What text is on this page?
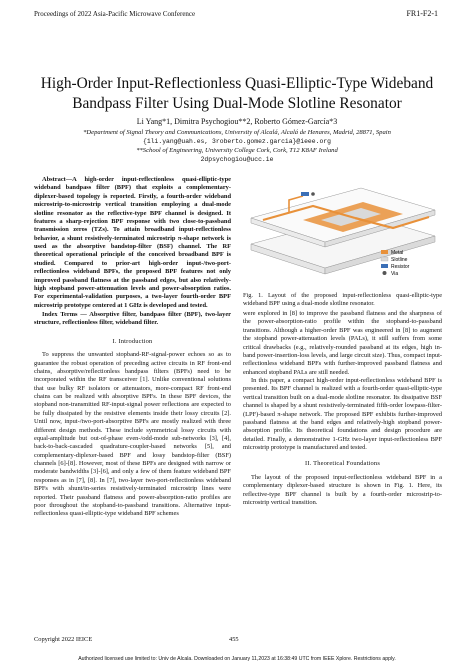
Proceedings of 2022 Asia-Pacific Microwave Conference	FR1-F2-1
High-Order Input-Reflectionless Quasi-Elliptic-Type Wideband
Bandpass Filter Using Dual-Mode Slotline Resonator
Li Yang*1, Dimitra Psychogiou**2, Roberto Gómez-García*3
*Department of Signal Theory and Communications, University of Alcalá, Alcalá de Henares, Madrid, 28871, Spain
{1li.yang@uah.es, 3roberto.gomez.garcia}@ieee.org
**School of Engineering, University College Cork, Cork, T12 K8AF Ireland
2dpsychogiou@ucc.ie

Abstract—A high-order input-reflectionless quasi-elliptic-type wideband bandpass filter (BPF) that exploits a complementary-diplexer-based topology is reported. Firstly, a fourth-order wideband microstrip-to-microstrip vertical transition employing a dual-mode slotline resonator as the reflective-type BPF channel is designed. It features a sharp-rejection BPF response with two close-to-passband transmission zeros (TZs). To attain broadband input-reflectionless behavior, a shunt resistively-terminated microstrip π-shape network is used as the absorptive bandstop-filter (BSF) channel. The RF theoretical operational principle of the conceived broadband BPF is studied. Compared to prior-art high-order input-/two-port-reflectionless wideband BPFs, the proposed BPF features not only improved passband flatness at the passband edges, but also relatively-high stopband power-attenuation levels and power-absorption ratios. For experimental-validation purposes, a two-layer fourth-order BPF microstrip prototype centered at 1 GHz is developed and tested.

Index Terms — Absorptive filter, bandpass filter (BPF), two-layer structure, reflectionless filter, wideband filter.

I. Introduction

To suppress the unwanted stopband-RF-signal-power echoes so as to guarantee the robust operation of preceding active circuits in RF front-end chains, absorptive/reflectionless bandpass filters (BPFs) need to be incorporated within the RF transceiver [1]. Unlike conventional solutions that use bulky RF isolators or attenuators, more-compact RF front-end chains can be realized with absorptive BPFs. In these BPF devices, the stopband non-transmitted RF-input-signal power reflections are expected to be fully dissipated by the resistive elements inside their lossy circuits [2]. Until now, input-/two-port-absorptive BPFs are mostly realized with three different design methods. These include symmetrical lossy circuits with equal-amplitude but out-of-phase even-/odd-mode sub-networks [3], [4], back-to-back-cascaded quadrature-coupler-based networks [5], and complementary-diplexer-based BPF and lossy bandstop-filter (BSF) channels [6]-[8]. However, most of these BPFs are designed with narrow or moderate bandwidths [3]-[6], and only a few of them feature wideband BPF responses as in [7], [8]. In [7], two-layer two-port-reflectionless wideband BPFs with shunt/in-series resistively-terminated microstrip lines were reported. Their passband flatness and power-absorption-ratio profiles are poor throughout the stopband-to-passband transitions. Alternative input-reflectionless quasi-elliptic-type wideband BPF schemes

Metal
Slotline
Resistor
Via
Fig. 1. Layout of the proposed input-reflectionless quasi-elliptic-type wideband BPF using a dual-mode slotline resonator.

were explored in [8] to improve the passband flatness and the sharpness of the power-absorption-ratio profile within the stopband-to-passband transitions. Although a higher-order BPF was engineered in [8] to augment the stopband power-attenuation levels (PALs), it still suffers from some critical drawbacks (e.g., relatively-rounded passband at its edges, high in-band power-insertion-loss levels, and large circuit size). Thus, compact input-reflectionless wideband BPFs with further-improved passband flatness and enhanced stopband PALs are still needed.

In this paper, a compact high-order input-reflectionless wideband BPF is presented. Its BPF channel is realized with a fourth-order quasi-elliptic-type vertical transition built on a dual-mode slotline resonator. Its dissipative BSF channel is shaped by a shunt resistively-terminated fifth-order lowpass-filter-(LPF)-based π-shape network. The proposed BPF exhibits further-improved passband flatness at the band edges and relatively-high stopband power-absorption profile. Its theoretical foundations and design procedure are detailed. Finally, a demonstrative 1-GHz two-layer input-reflectionless BPF microstrip prototype is manufactured and tested.

II. Theoretical Foundations

The layout of the proposed input-reflectionless wideband BPF in a complementary diplexer-based structure is shown in Fig. 1. Here, its reflective-type BPF channel is built by a fourth-order microstrip-to-microstrip vertical transition.

Copyright 2022 IEICE	455
Authorized licensed use limited to: Univ de Alcala. Downloaded on January 11,2023 at 16:38:49 UTC from IEEE Xplore. Restrictions apply.
